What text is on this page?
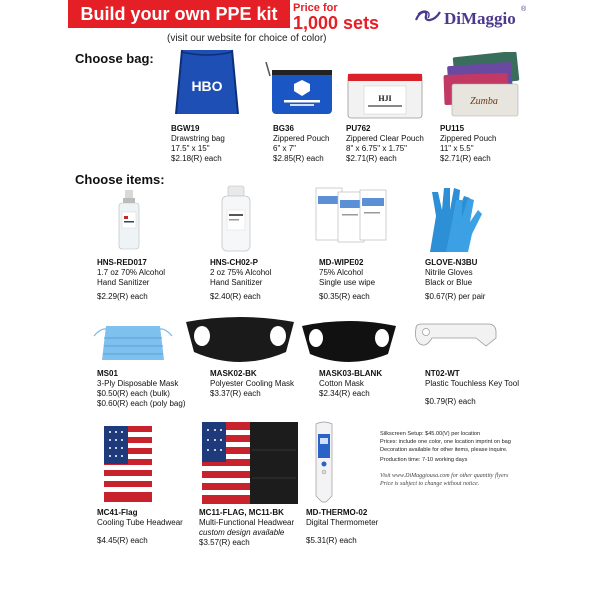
Build your own PPE kit	Price for
1,000 sets
(visit our website for choice of color)
DiMaggio ®
Choose bag:
HBO
HJI	Zumba
BGW19
Drawstring bag
17.5" x 15"
$2.18(R) each
BG36
Zippered Pouch
6" x 7"
$2.85(R) each
PU762
Zippered Clear Pouch
8" x 6.75" x 1.75"
$2.71(R) each
PU115
Zippered Pouch
11" x 5.5"
$2.71(R) each
Choose items:
HNS-RED017
1.7 oz 70% Alcohol
Hand Sanitizer
$2.29(R) each
HNS-CH02-P
2 oz 75% Alcohol
Hand Sanitizer
$2.40(R) each
MD-WIPE02
75% Alcohol
Single use wipe
$0.35(R) each
GLOVE-N3BU
Nitrile Gloves
Black or Blue
$0.67(R) per pair
MS01
3-Ply Disposable Mask
$0.50(R) each (bulk)
$0.60(R) each (poly bag)
MASK02-BK
Polyester Cooling Mask
$3.37(R) each
MASK03-BLANK
Cotton Mask
$2.34(R) each
NT02-WT
Plastic Touchless Key Tool
$0.79(R) each
MC41-Flag
Cooling Tube Headwear
$4.45(R) each
MC11-FLAG, MC11-BK
Multi-Functional Headwear
custom design available
$3.57(R) each
MD-THERMO-02
Digital Thermometer
$5.31(R) each
Silkscreen Setup: $45.00(V) per location
Prices: include one color, one location imprint on bag
Decoration available for other items, please inquire.
Production time: 7-10 working days
Visit www.DiMaggiousa.com for other quantity flyers
Price is subject to change without notice.
